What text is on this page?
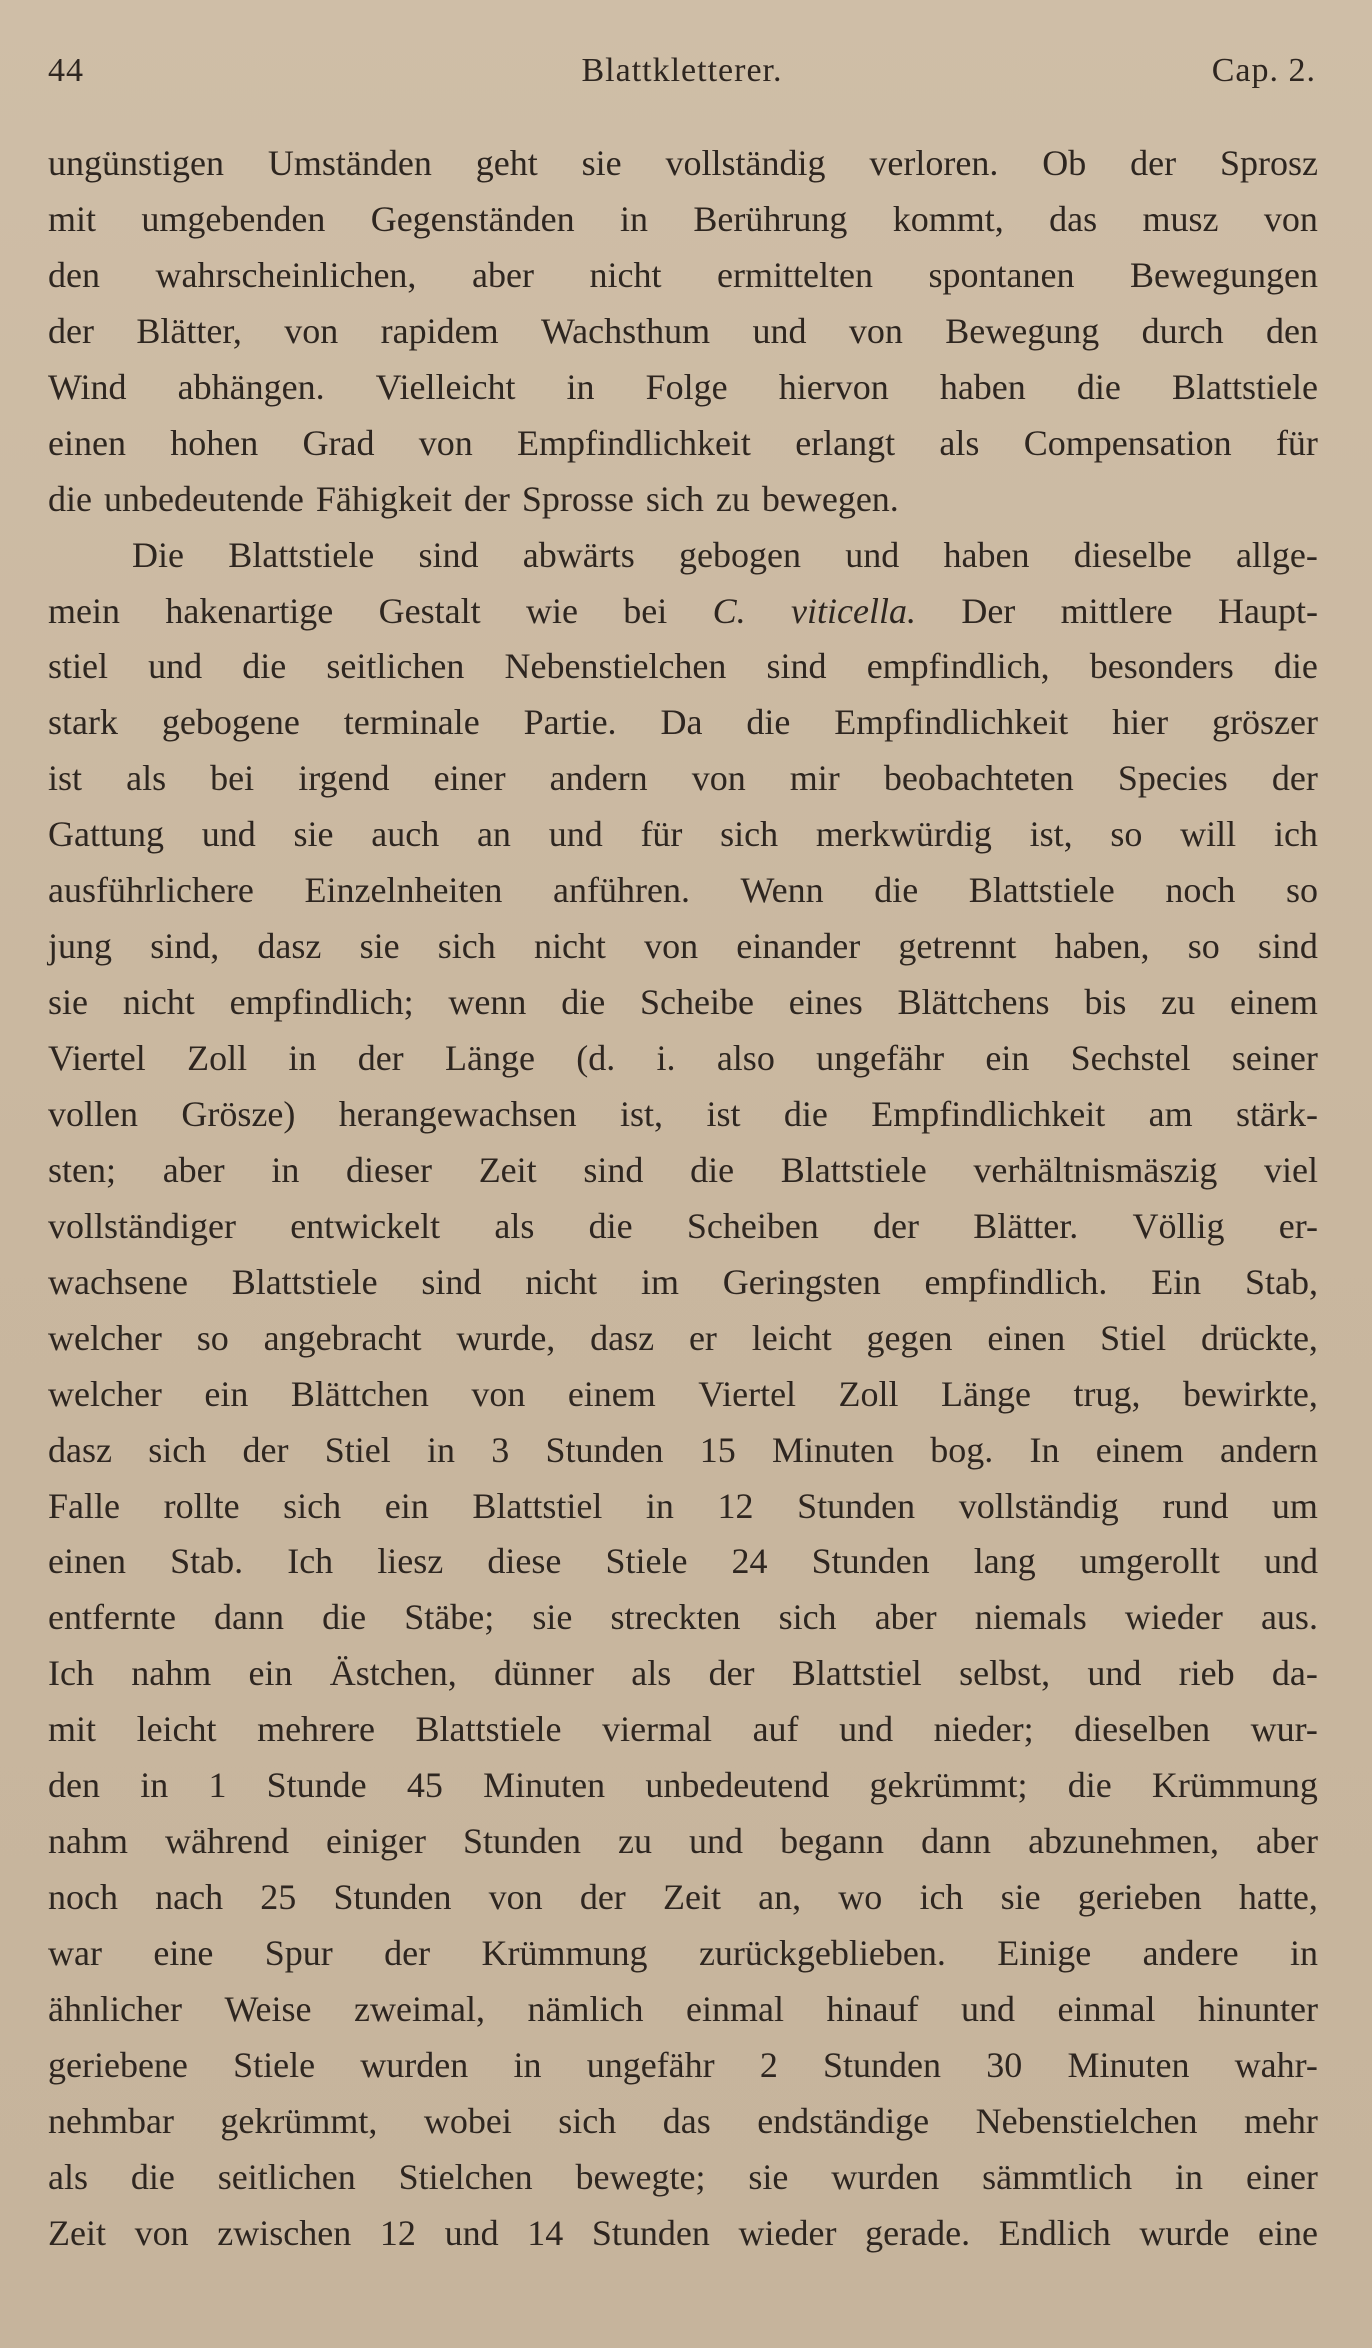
44	Blattkletterer.	Cap. 2.
ungünstigen Umständen geht sie vollständig verloren. Ob der Sprosz
mit umgebenden Gegenständen in Berührung kommt, das musz von
den wahrscheinlichen, aber nicht ermittelten spontanen Bewegungen
der Blätter, von rapidem Wachsthum und von Bewegung durch den
Wind abhängen. Vielleicht in Folge hiervon haben die Blattstiele
einen hohen Grad von Empfindlichkeit erlangt als Compensation für
die unbedeutende Fähigkeit der Sprosse sich zu bewegen.
Die Blattstiele sind abwärts gebogen und haben dieselbe allge-
mein hakenartige Gestalt wie bei C. viticella. Der mittlere Haupt-
stiel und die seitlichen Nebenstielchen sind empfindlich, besonders die
stark gebogene terminale Partie. Da die Empfindlichkeit hier gröszer
ist als bei irgend einer andern von mir beobachteten Species der
Gattung und sie auch an und für sich merkwürdig ist, so will ich
ausführlichere Einzelnheiten anführen. Wenn die Blattstiele noch so
jung sind, dasz sie sich nicht von einander getrennt haben, so sind
sie nicht empfindlich; wenn die Scheibe eines Blättchens bis zu einem
Viertel Zoll in der Länge (d. i. also ungefähr ein Sechstel seiner
vollen Grösze) herangewachsen ist, ist die Empfindlichkeit am stärk-
sten; aber in dieser Zeit sind die Blattstiele verhältnismäszig viel
vollständiger entwickelt als die Scheiben der Blätter. Völlig er-
wachsene Blattstiele sind nicht im Geringsten empfindlich. Ein Stab,
welcher so angebracht wurde, dasz er leicht gegen einen Stiel drückte,
welcher ein Blättchen von einem Viertel Zoll Länge trug, bewirkte,
dasz sich der Stiel in 3 Stunden 15 Minuten bog. In einem andern
Falle rollte sich ein Blattstiel in 12 Stunden vollständig rund um
einen Stab. Ich liesz diese Stiele 24 Stunden lang umgerollt und
entfernte dann die Stäbe; sie streckten sich aber niemals wieder aus.
Ich nahm ein Ästchen, dünner als der Blattstiel selbst, und rieb da-
mit leicht mehrere Blattstiele viermal auf und nieder; dieselben wur-
den in 1 Stunde 45 Minuten unbedeutend gekrümmt; die Krümmung
nahm während einiger Stunden zu und begann dann abzunehmen, aber
noch nach 25 Stunden von der Zeit an, wo ich sie gerieben hatte,
war eine Spur der Krümmung zurückgeblieben. Einige andere in
ähnlicher Weise zweimal, nämlich einmal hinauf und einmal hinunter
geriebene Stiele wurden in ungefähr 2 Stunden 30 Minuten wahr-
nehmbar gekrümmt, wobei sich das endständige Nebenstielchen mehr
als die seitlichen Stielchen bewegte; sie wurden sämmtlich in einer
Zeit von zwischen 12 und 14 Stunden wieder gerade. Endlich wurde eine
